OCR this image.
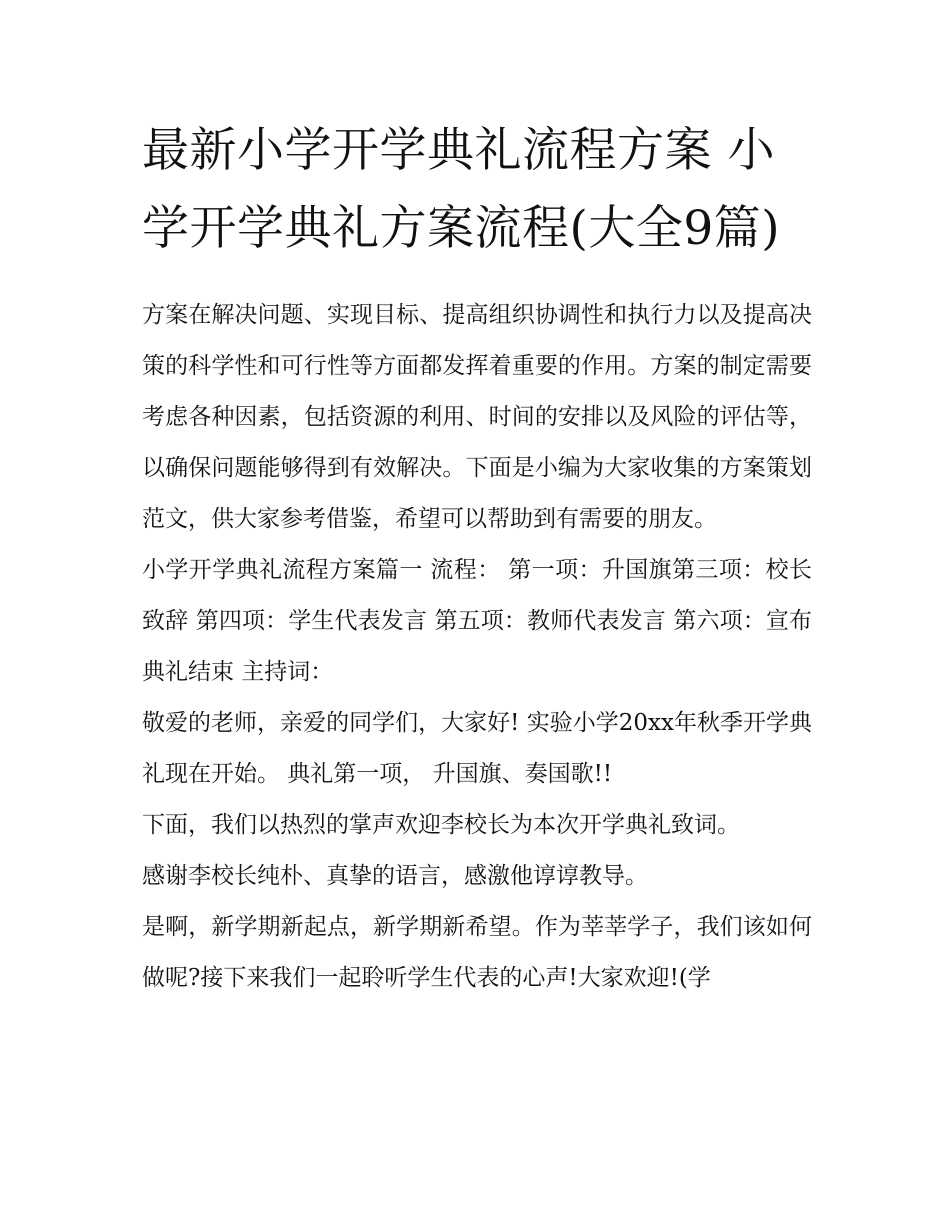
最新小学开学典礼流程方案 小学开学典礼方案流程(大全9篇)

方案在解决问题、实现目标、提高组织协调性和执行力以及提高决策的科学性和可行性等方面都发挥着重要的作用。方案的制定需要考虑各种因素，包括资源的利用、时间的安排以及风险的评估等，以确保问题能够得到有效解决。下面是小编为大家收集的方案策划范文，供大家参考借鉴，希望可以帮助到有需要的朋友。

小学开学典礼流程方案篇一 流程： 第一项：升国旗第三项：校长致辞 第四项：学生代表发言 第五项：教师代表发言 第六项：宣布典礼结束 主持词：

敬爱的老师，亲爱的同学们，大家好! 实验小学20xx年秋季开学典礼现在开始。 典礼第一项， 升国旗、奏国歌!!

下面，我们以热烈的掌声欢迎李校长为本次开学典礼致词。

感谢李校长纯朴、真挚的语言，感激他谆谆教导。

是啊，新学期新起点，新学期新希望。作为莘莘学子，我们该如何做呢?接下来我们一起聆听学生代表的心声!大家欢迎!(学
